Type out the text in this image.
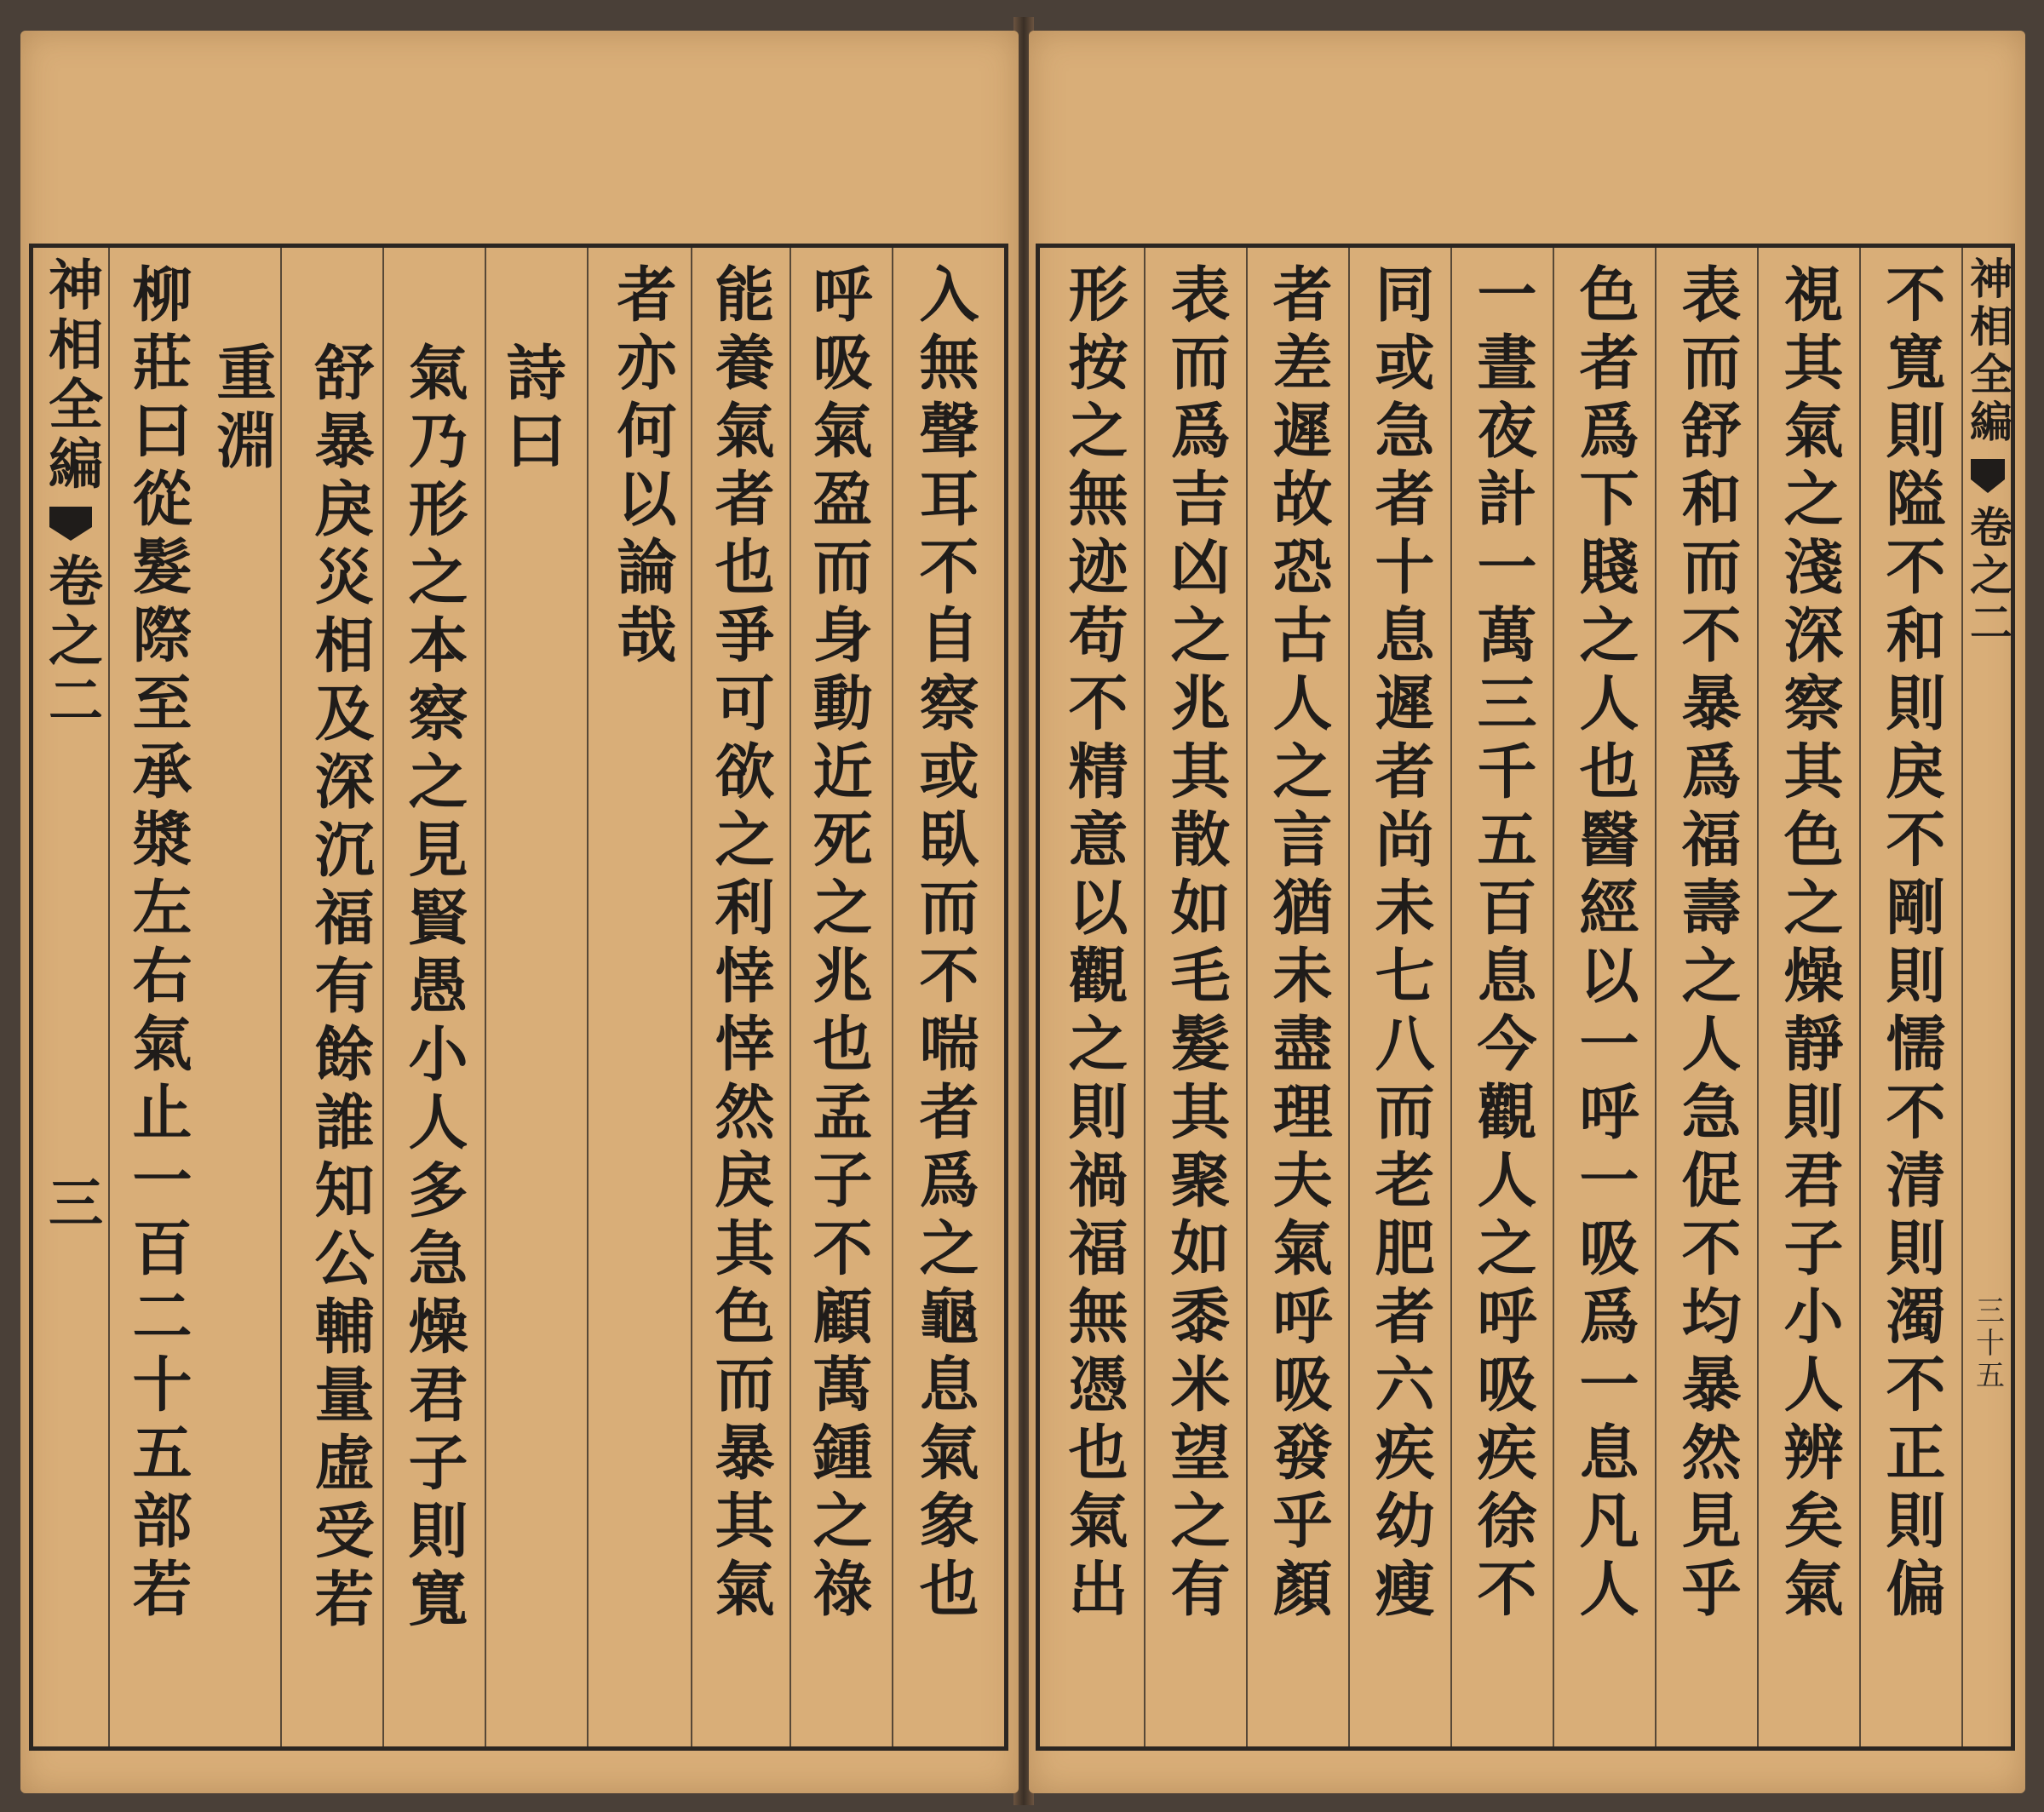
神相全編
卷之二
三 柳莊曰從髮際至承漿左右氣止一百二十五部若 重淵 舒暴戾災相及深沉福有餘誰知公輔量虛受若 氣乃形之本察之見賢愚小人多急燥君子則寬 詩曰 者亦何以論哉 能養氣者也爭可欲之利悻悻然戾其色而暴其氣 呼吸氣盈而身動近死之兆也孟子不顧萬鍾之祿 入無聲耳不自察或臥而不喘者爲之龜息氣象也 形按之無迹苟不精意以觀之則禍福無憑也氣出 表而爲吉凶之兆其散如毛髮其聚如黍米望之有 者差遲故恐古人之言猶未盡理夫氣呼吸發乎顏 同或急者十息遲者尚未七八而老肥者六疾幼瘦 一晝夜計一萬三千五百息今觀人之呼吸疾徐不 色者爲下賤之人也醫經以一呼一吸爲一息凡人 表而舒和而不暴爲福壽之人急促不均暴然見乎 視其氣之淺深察其色之燥靜則君子小人辨矣氣 不寬則隘不和則戾不剛則懦不清則濁不正則偏 神相全編
卷之二
三十五
